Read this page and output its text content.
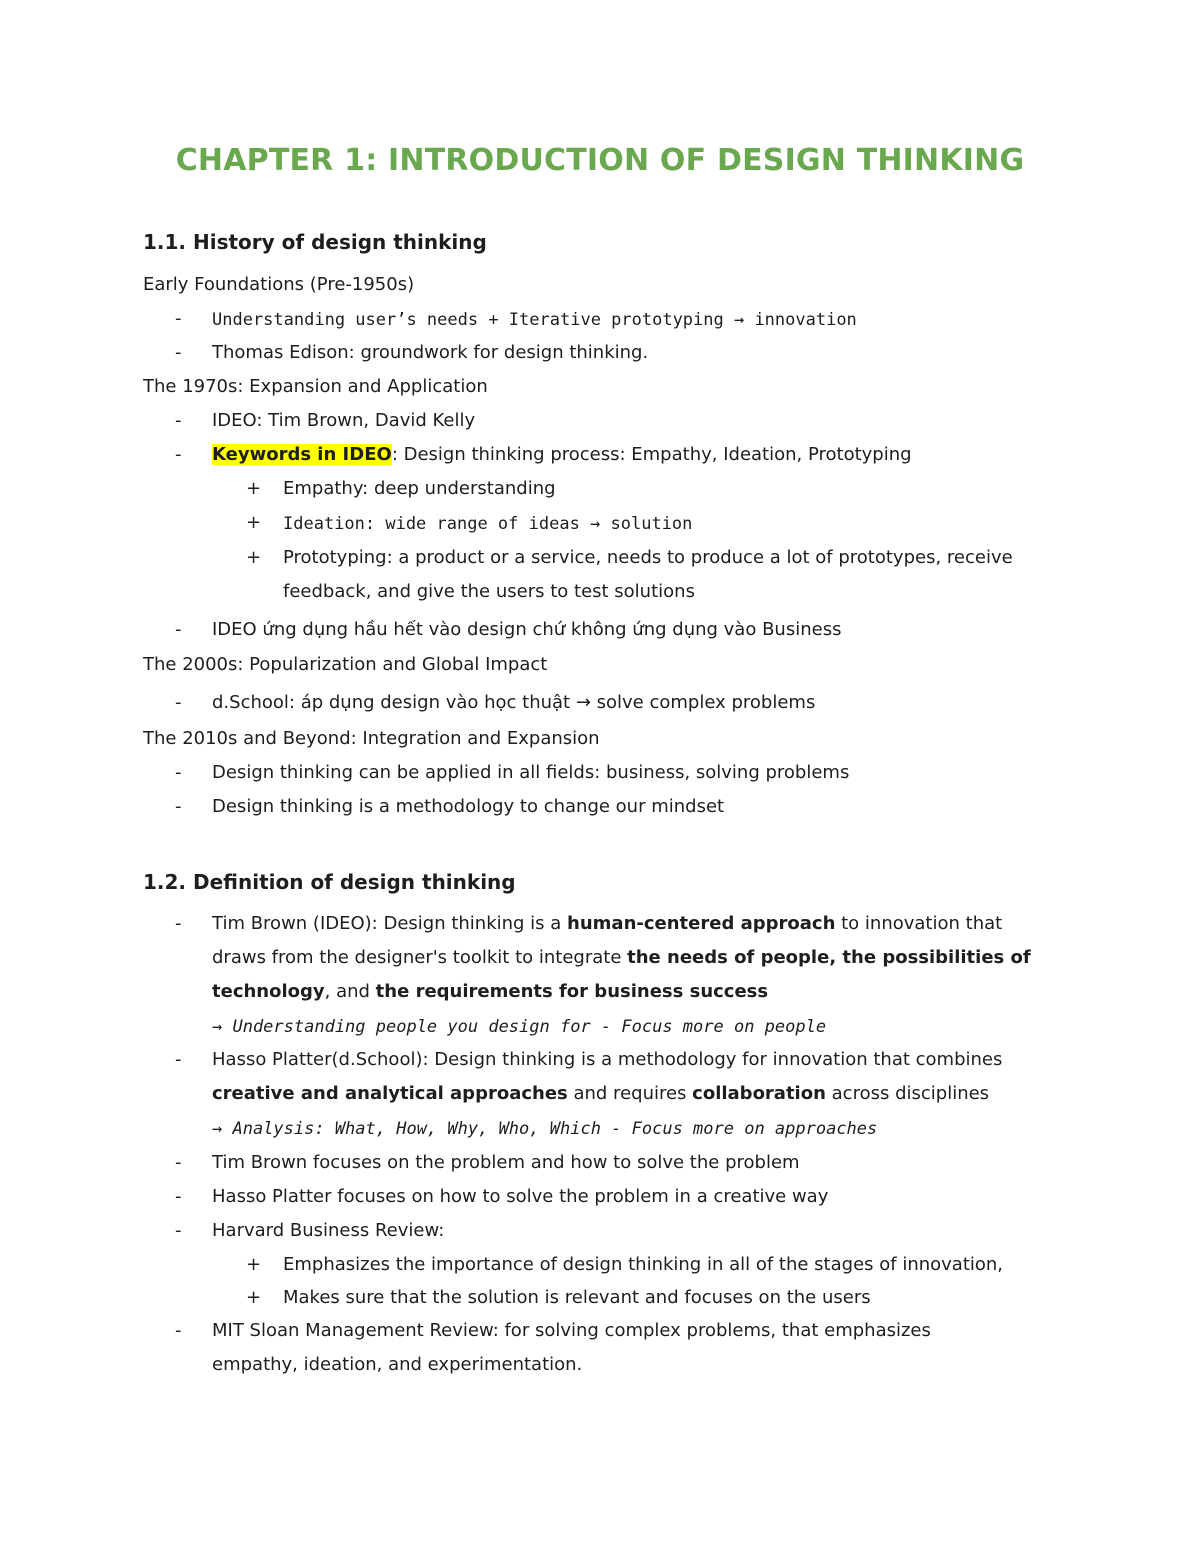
CHAPTER 1: INTRODUCTION OF DESIGN THINKING
1.1. History of design thinking
Early Foundations (Pre-1950s)
- Understanding user’s needs + Iterative prototyping → innovation
- Thomas Edison: groundwork for design thinking.
The 1970s: Expansion and Application
- IDEO: Tim Brown, David Kelly
- Keywords in IDEO: Design thinking process: Empathy, Ideation, Prototyping
+ Empathy: deep understanding
+ Ideation: wide range of ideas → solution
+ Prototyping: a product or a service, needs to produce a lot of prototypes, receive
feedback, and give the users to test solutions
- IDEO ứng dụng hầu hết vào design chứ không ứng dụng vào Business
The 2000s: Popularization and Global Impact
- d.School: áp dụng design vào học thuật → solve complex problems
The 2010s and Beyond: Integration and Expansion
- Design thinking can be applied in all fields: business, solving problems
- Design thinking is a methodology to change our mindset
1.2. Definition of design thinking
- Tim Brown (IDEO): Design thinking is a human-centered approach to innovation that
draws from the designer's toolkit to integrate the needs of people, the possibilities of
technology, and the requirements for business success
→ Understanding people you design for - Focus more on people
- Hasso Platter(d.School): Design thinking is a methodology for innovation that combines
creative and analytical approaches and requires collaboration across disciplines
→ Analysis: What, How, Why, Who, Which - Focus more on approaches
- Tim Brown focuses on the problem and how to solve the problem
- Hasso Platter focuses on how to solve the problem in a creative way
- Harvard Business Review:
+ Emphasizes the importance of design thinking in all of the stages of innovation,
+ Makes sure that the solution is relevant and focuses on the users
- MIT Sloan Management Review: for solving complex problems, that emphasizes
empathy, ideation, and experimentation.
